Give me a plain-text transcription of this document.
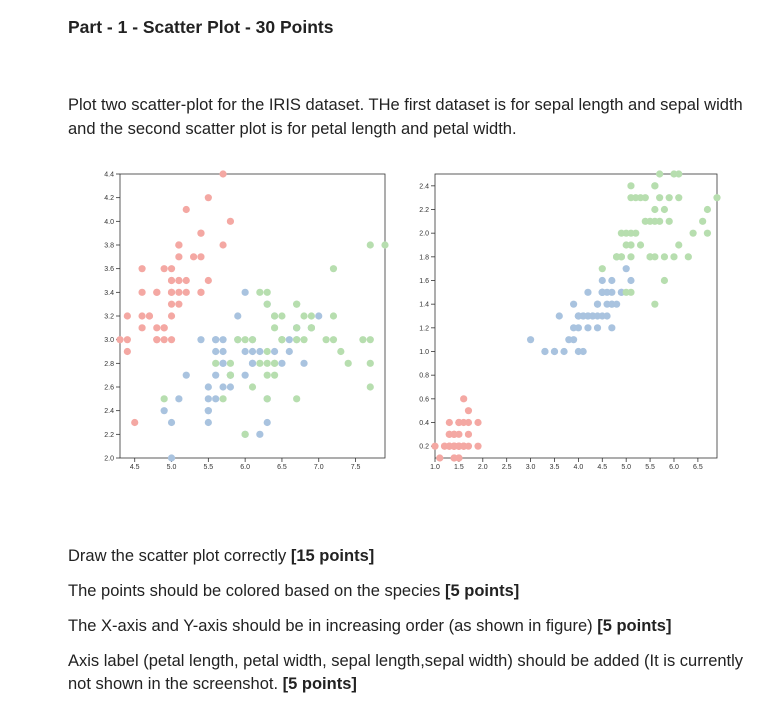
Part - 1 - Scatter Plot - 30 Points

Plot two scatter-plot for the IRIS dataset. THe first dataset is for sepal length and sepal width and the second scatter plot is for petal length and petal width.

2.0
2.2
2.4
2.6
2.8
3.0
3.2
3.4
3.6
3.8
4.0
4.2
4.4
4.5	5.0	5.5	6.0	6.5	7.0	7.5
0.2
0.4
0.6
0.8
1.0
1.2
1.4
1.6
1.8
2.0
2.2
2.4
1.0 1.5 2.0 2.5 3.0 3.5 4.0 4.5 5.0 5.5 6.0 6.5
Draw the scatter plot correctly [15 points]
The points should be colored based on the species [5 points]
The X-axis and Y-axis should be in increasing order (as shown in figure) [5 points]
Axis label (petal length, petal width, sepal length,sepal width) should be added (It is currently not shown in the screenshot. [5 points]
